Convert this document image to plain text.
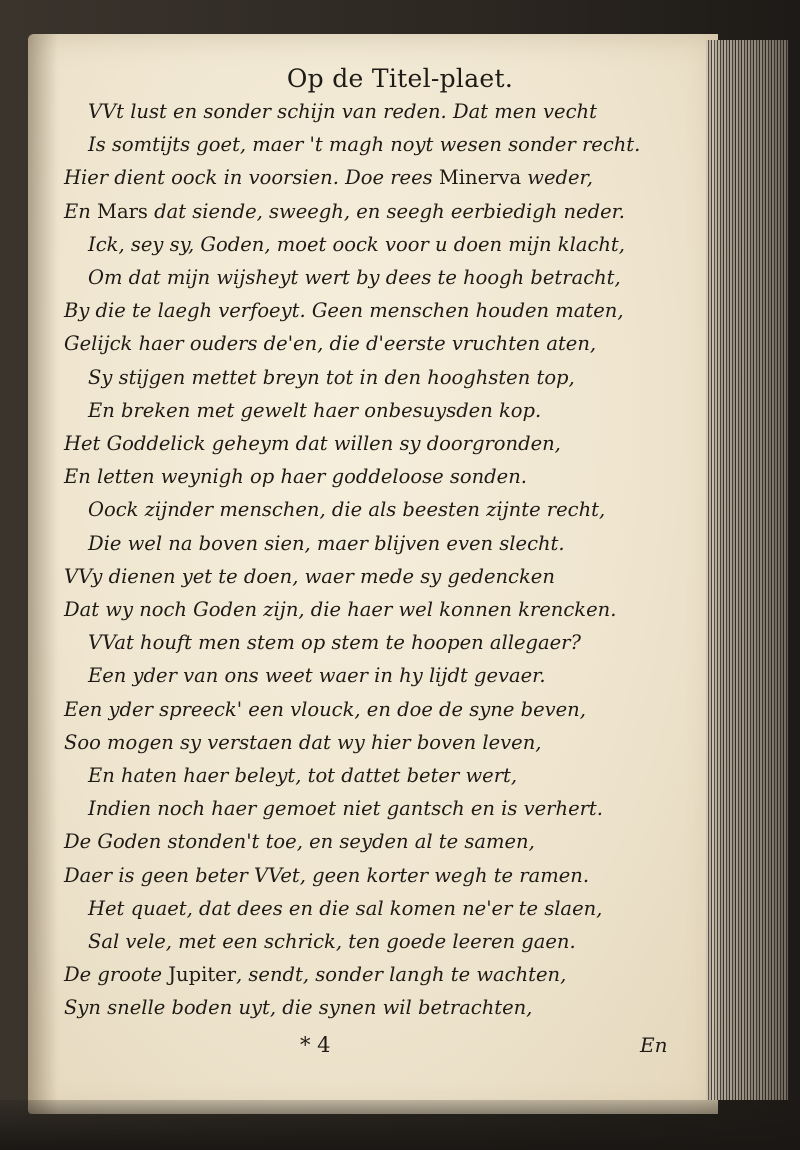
Op de Titel-plaet.
VVt lust en sonder schijn van reden. Dat men vecht
Is somtijts goet, maer 't magh noyt wesen sonder recht.
Hier dient oock in voorsien. Doe rees Minerva weder,
En Mars dat siende, sweegh, en seegh eerbiedigh neder.
Ick, sey sy, Goden, moet oock voor u doen mijn klacht,
Om dat mijn wijsheyt wert by dees te hoogh betracht,
By die te laegh verfoeyt. Geen menschen houden maten,
Gelijck haer ouders de'en, die d'eerste vruchten aten,
Sy stijgen mettet breyn tot in den hooghsten top,
En breken met gewelt haer onbesuysden kop.
Het Goddelick geheym dat willen sy doorgronden,
En letten weynigh op haer goddeloose sonden.
Oock zijnder menschen, die als beesten zijnte recht,
Die wel na boven sien, maer blijven even slecht.
VVy dienen yet te doen, waer mede sy gedencken
Dat wy noch Goden zijn, die haer wel konnen krencken.
VVat houft men stem op stem te hoopen allegaer?
Een yder van ons weet waer in hy lijdt gevaer.
Een yder spreeck' een vlouck, en doe de syne beven,
Soo mogen sy verstaen dat wy hier boven leven,
En haten haer beleyt, tot dattet beter wert,
Indien noch haer gemoet niet gantsch en is verhert.
De Goden stonden't toe, en seyden al te samen,
Daer is geen beter VVet, geen korter wegh te ramen.
Het quaet, dat dees en die sal komen ne'er te slaen,
Sal vele, met een schrick, ten goede leeren gaen.
De groote Jupiter, sendt, sonder langh te wachten,
Syn snelle boden uyt, die synen wil betrachten,
* 4	En
